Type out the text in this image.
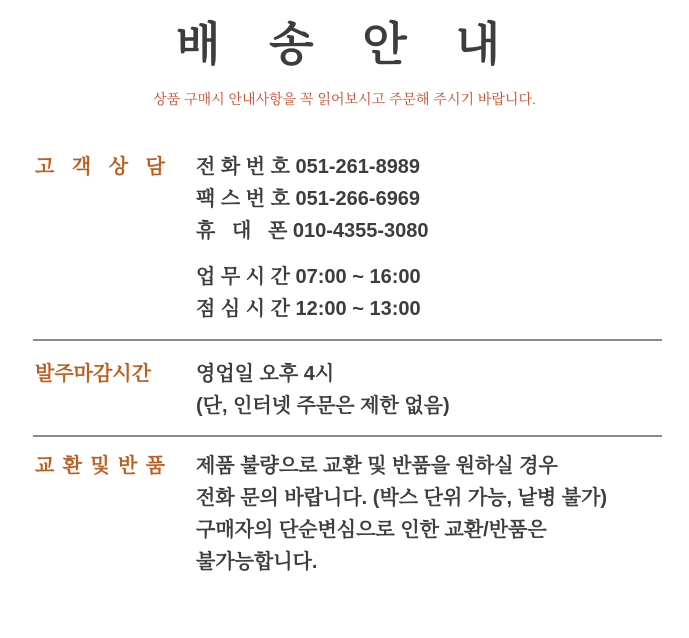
배 송 안 내
상품 구매시 안내사항을 꼭 읽어보시고 주문해 주시기 바랍니다.
고 객 상 담 전 화 번 호 051-261-8989
팩 스 번 호 051-266-6969
휴   대   폰 010-4355-3080
업 무 시 간 07:00 ~ 16:00
점 심 시 간 12:00 ~ 13:00
발주마감시간	영업일 오후 4시
(단, 인터넷 주문은 제한 없음)
교 환 및 반 품 제품 불량으로 교환 및 반품을 원하실 경우
전화 문의 바랍니다. (박스 단위 가능, 낱병 불가)
구매자의 단순변심으로 인한 교환/반품은
불가능합니다.
